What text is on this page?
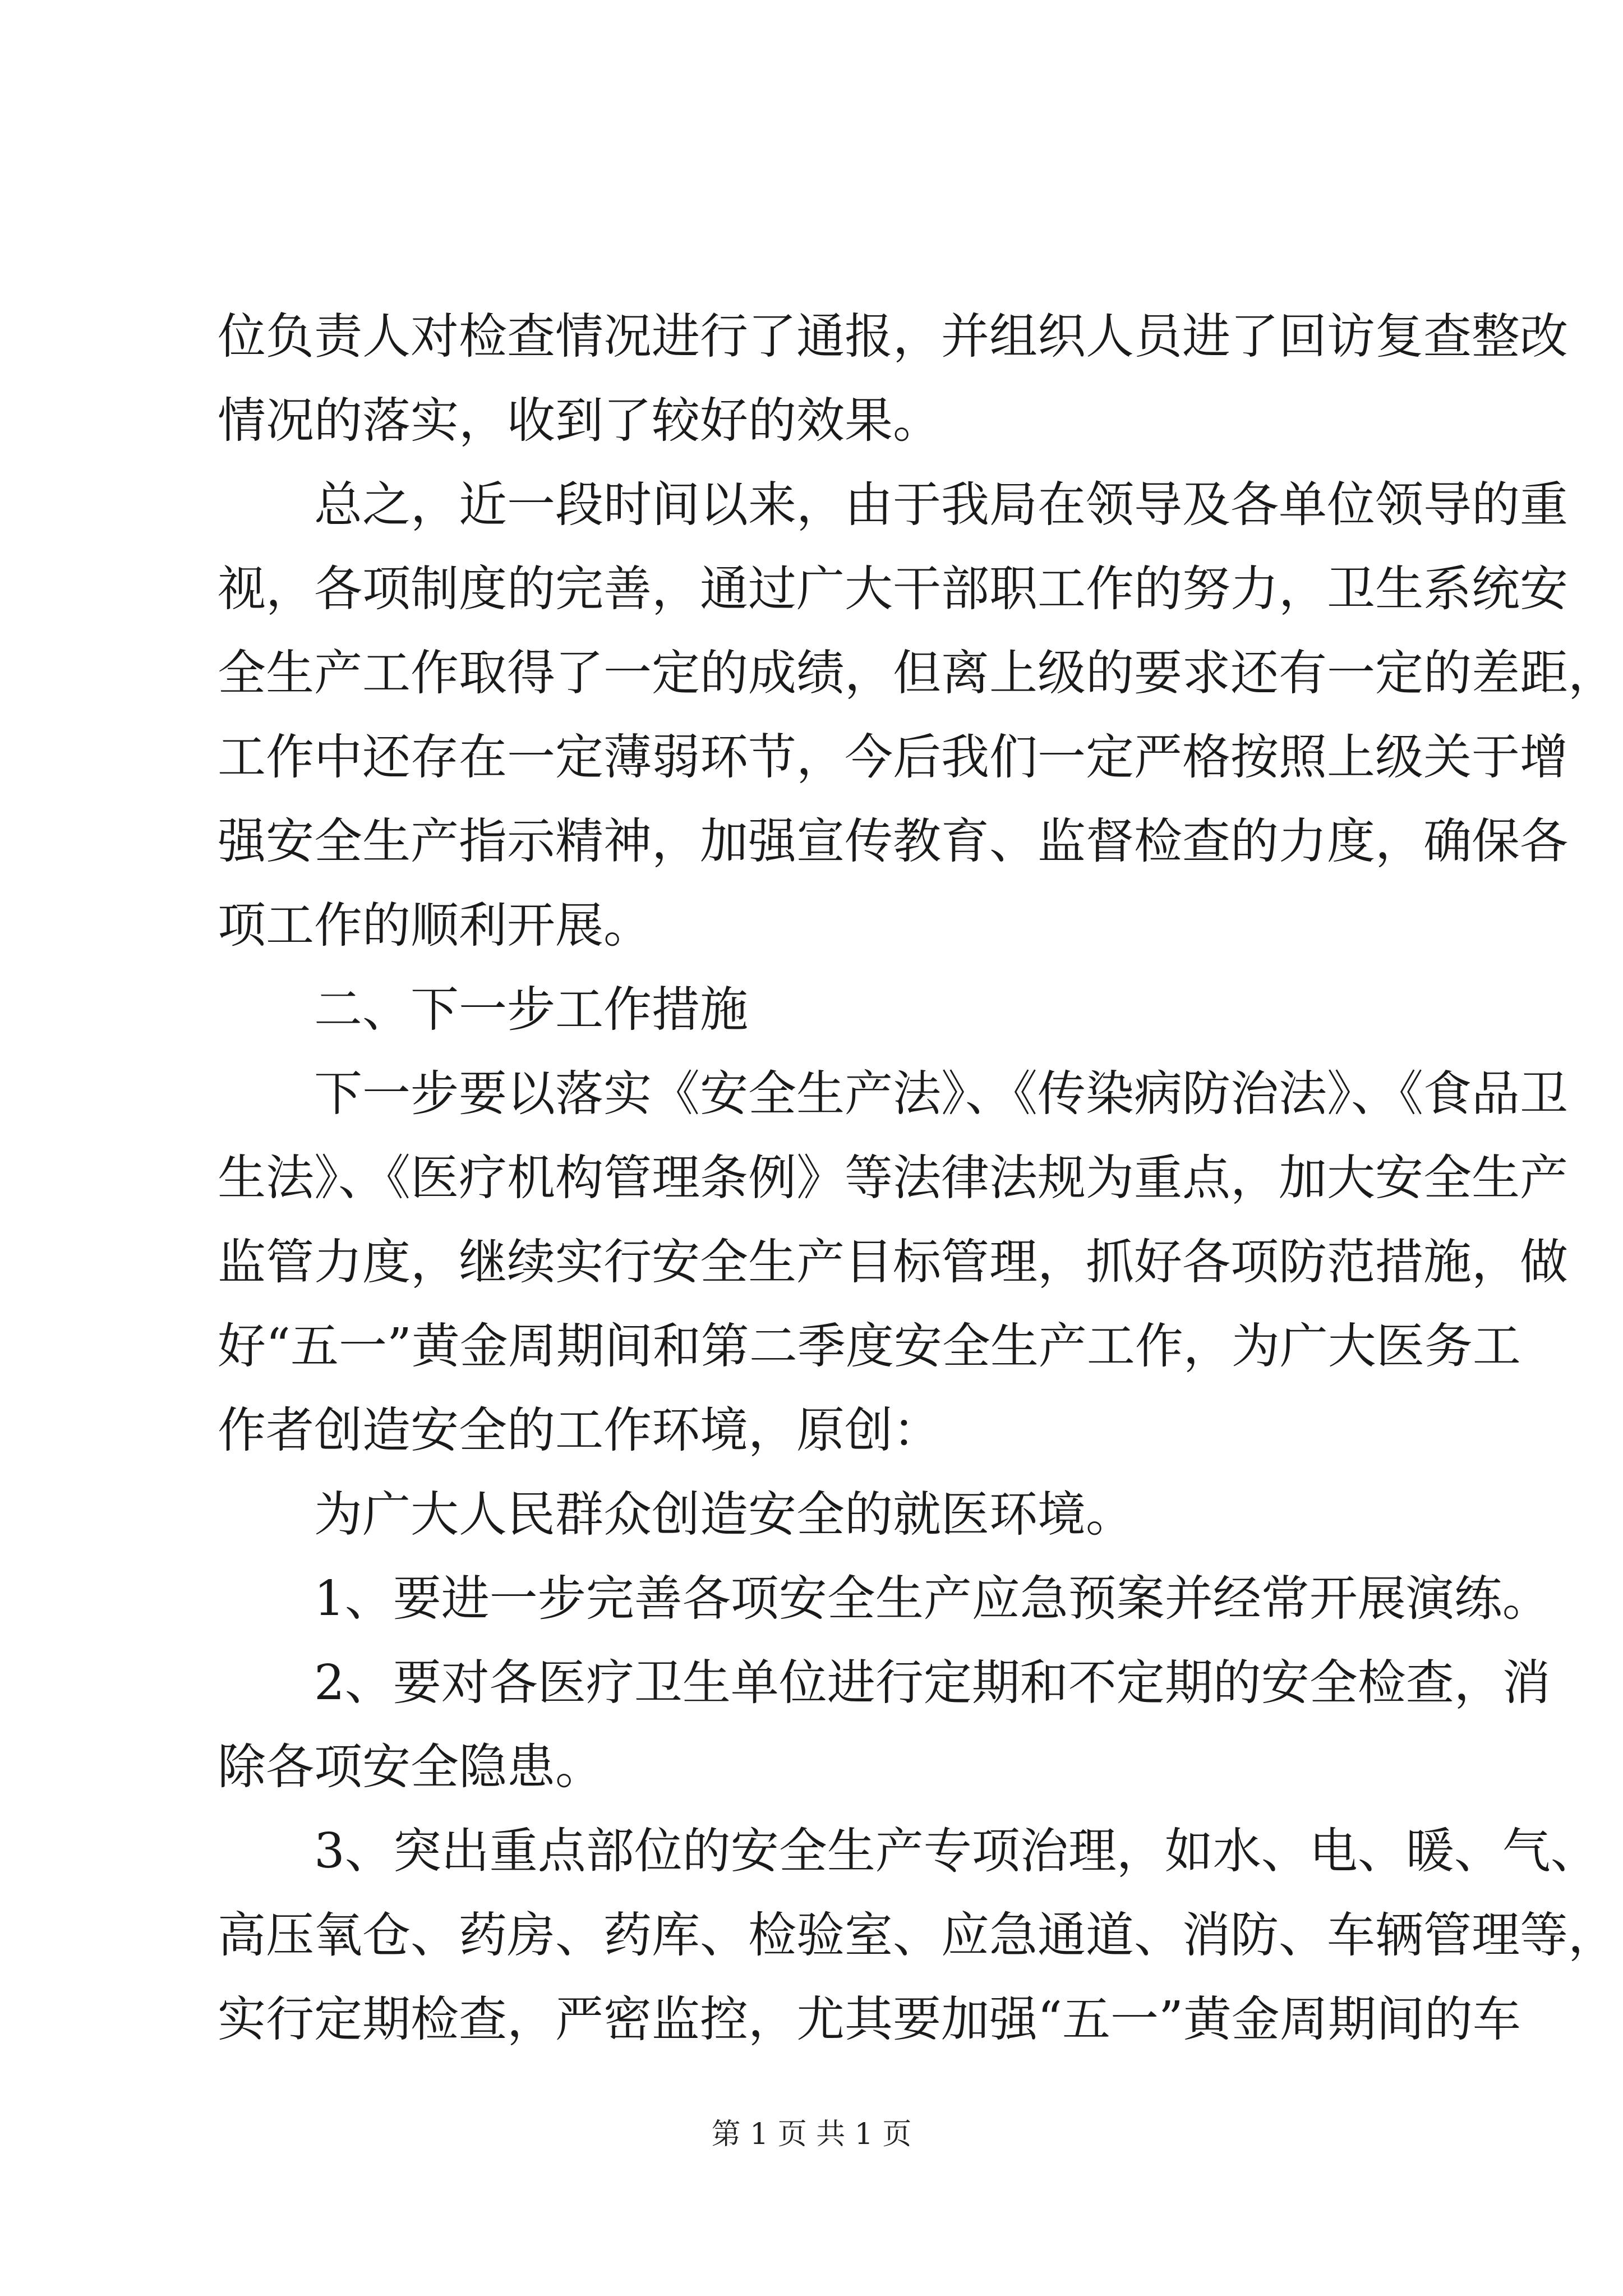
位负责人对检查情况进行了通报，并组织人员进了回访复查整改
情况的落实，收到了较好的效果。
总之，近一段时间以来，由于我局在领导及各单位领导的重
视，各项制度的完善，通过广大干部职工作的努力，卫生系统安
全生产工作取得了一定的成绩，但离上级的要求还有一定的差距，
工作中还存在一定薄弱环节，今后我们一定严格按照上级关于增
强安全生产指示精神，加强宣传教育、监督检查的力度，确保各
项工作的顺利开展。
二、下一步工作措施
下一步要以落实《安全生产法》、《传染病防治法》、《食品卫
生法》、《医疗机构管理条例》等法律法规为重点，加大安全生产
监管力度，继续实行安全生产目标管理，抓好各项防范措施，做
好“五一”黄金周期间和第二季度安全生产工作，为广大医务工
作者创造安全的工作环境，原创：
为广大人民群众创造安全的就医环境。
1、要进一步完善各项安全生产应急预案并经常开展演练。
2、要对各医疗卫生单位进行定期和不定期的安全检查，消
除各项安全隐患。
3、突出重点部位的安全生产专项治理，如水、电、暖、气、
高压氧仓、药房、药库、检验室、应急通道、消防、车辆管理等，
实行定期检查，严密监控，尤其要加强“五一”黄金周期间的车
第 1 页 共 1 页
